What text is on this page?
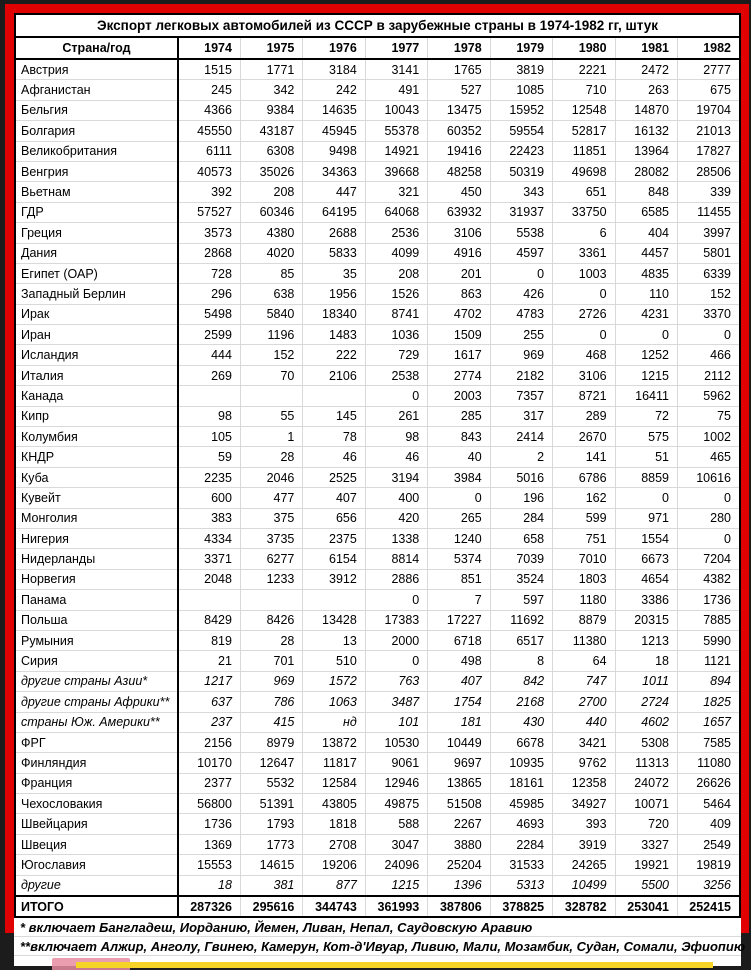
Экспорт легковых автомобилей из СССР в зарубежные страны в 1974-1982 гг, штук									
Страна/год	1974	1975	1976	1977	1978	1979	1980	1981	1982
Австрия	1515	1771	3184	3141	1765	3819	2221	2472	2777
Афганистан	245	342	242	491	527	1085	710	263	675
Бельгия	4366	9384	14635	10043	13475	15952	12548	14870	19704
Болгария	45550	43187	45945	55378	60352	59554	52817	16132	21013
Великобритания	6111	6308	9498	14921	19416	22423	11851	13964	17827
Венгрия	40573	35026	34363	39668	48258	50319	49698	28082	28506
Вьетнам	392	208	447	321	450	343	651	848	339
ГДР	57527	60346	64195	64068	63932	31937	33750	6585	11455
Греция	3573	4380	2688	2536	3106	5538	6	404	3997
Дания	2868	4020	5833	4099	4916	4597	3361	4457	5801
Египет (ОАР)	728	85	35	208	201	0	1003	4835	6339
Западный Берлин	296	638	1956	1526	863	426	0	110	152
Ирак	5498	5840	18340	8741	4702	4783	2726	4231	3370
Иран	2599	1196	1483	1036	1509	255	0	0	0
Исландия	444	152	222	729	1617	969	468	1252	466
Италия	269	70	2106	2538	2774	2182	3106	1215	2112
Канада				0	2003	7357	8721	16411	5962
Кипр	98	55	145	261	285	317	289	72	75
Колумбия	105	1	78	98	843	2414	2670	575	1002
КНДР	59	28	46	46	40	2	141	51	465
Куба	2235	2046	2525	3194	3984	5016	6786	8859	10616
Кувейт	600	477	407	400	0	196	162	0	0
Монголия	383	375	656	420	265	284	599	971	280
Нигерия	4334	3735	2375	1338	1240	658	751	1554	0
Нидерланды	3371	6277	6154	8814	5374	7039	7010	6673	7204
Норвегия	2048	1233	3912	2886	851	3524	1803	4654	4382
Панама				0	7	597	1180	3386	1736
Польша	8429	8426	13428	17383	17227	11692	8879	20315	7885
Румыния	819	28	13	2000	6718	6517	11380	1213	5990
Сирия	21	701	510	0	498	8	64	18	1121
другие страны Азии*	1217	969	1572	763	407	842	747	1011	894
другие страны Африки**	637	786	1063	3487	1754	2168	2700	2724	1825
страны Юж. Америки**	237	415	нд	101	181	430	440	4602	1657
ФРГ	2156	8979	13872	10530	10449	6678	3421	5308	7585
Финляндия	10170	12647	11817	9061	9697	10935	9762	11313	11080
Франция	2377	5532	12584	12946	13865	18161	12358	24072	26626
Чехословакия	56800	51391	43805	49875	51508	45985	34927	10071	5464
Швейцария	1736	1793	1818	588	2267	4693	393	720	409
Швеция	1369	1773	2708	3047	3880	2284	3919	3327	2549
Югославия	15553	14615	19206	24096	25204	31533	24265	19921	19819
другие	18	381	877	1215	1396	5313	10499	5500	3256
ИТОГО	287326	295616	344743	361993	387806	378825	328782	253041	252415
* включает Бангладеш, Иорданию, Йемен, Ливан, Непал, Саудовскую Аравию
**включает Алжир, Анголу, Гвинею, Камерун, Кот-д'Ивуар, Ливию, Мали, Мозамбик, Судан, Сомали, Эфиопию
